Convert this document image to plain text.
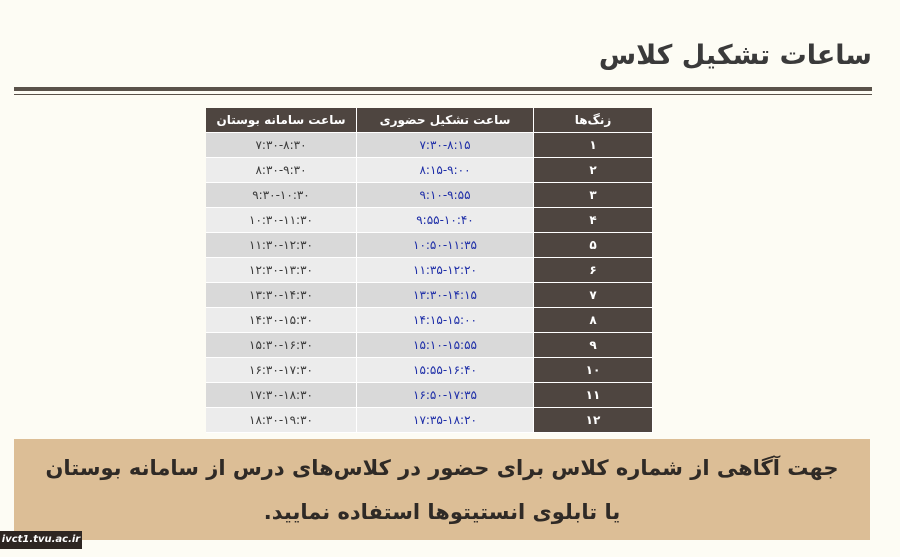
ساعات تشکیل کلاس
ساعت سامانه بوستان	ساعت تشکیل حضوری	زنگ‌ها
۷:۳۰-۸:۳۰	۷:۳۰-۸:۱۵	۱
۸:۳۰-۹:۳۰	۸:۱۵-۹:۰۰	۲
۹:۳۰-۱۰:۳۰	۹:۱۰-۹:۵۵	۳
۱۰:۳۰-۱۱:۳۰	۹:۵۵-۱۰:۴۰	۴
۱۱:۳۰-۱۲:۳۰	۱۰:۵۰-۱۱:۳۵	۵
۱۲:۳۰-۱۳:۳۰	۱۱:۳۵-۱۲:۲۰	۶
۱۳:۳۰-۱۴:۳۰	۱۳:۳۰-۱۴:۱۵	۷
۱۴:۳۰-۱۵:۳۰	۱۴:۱۵-۱۵:۰۰	۸
۱۵:۳۰-۱۶:۳۰	۱۵:۱۰-۱۵:۵۵	۹
۱۶:۳۰-۱۷:۳۰	۱۵:۵۵-۱۶:۴۰	۱۰
۱۷:۳۰-۱۸:۳۰	۱۶:۵۰-۱۷:۳۵	۱۱
۱۸:۳۰-۱۹:۳۰	۱۷:۳۵-۱۸:۲۰	۱۲

جهت آگاهی از شماره کلاس برای حضور در کلاس‌های درس از سامانه بوستان یا تابلوی انستیتوها استفاده نمایید.

ivct1.tvu.ac.ir
